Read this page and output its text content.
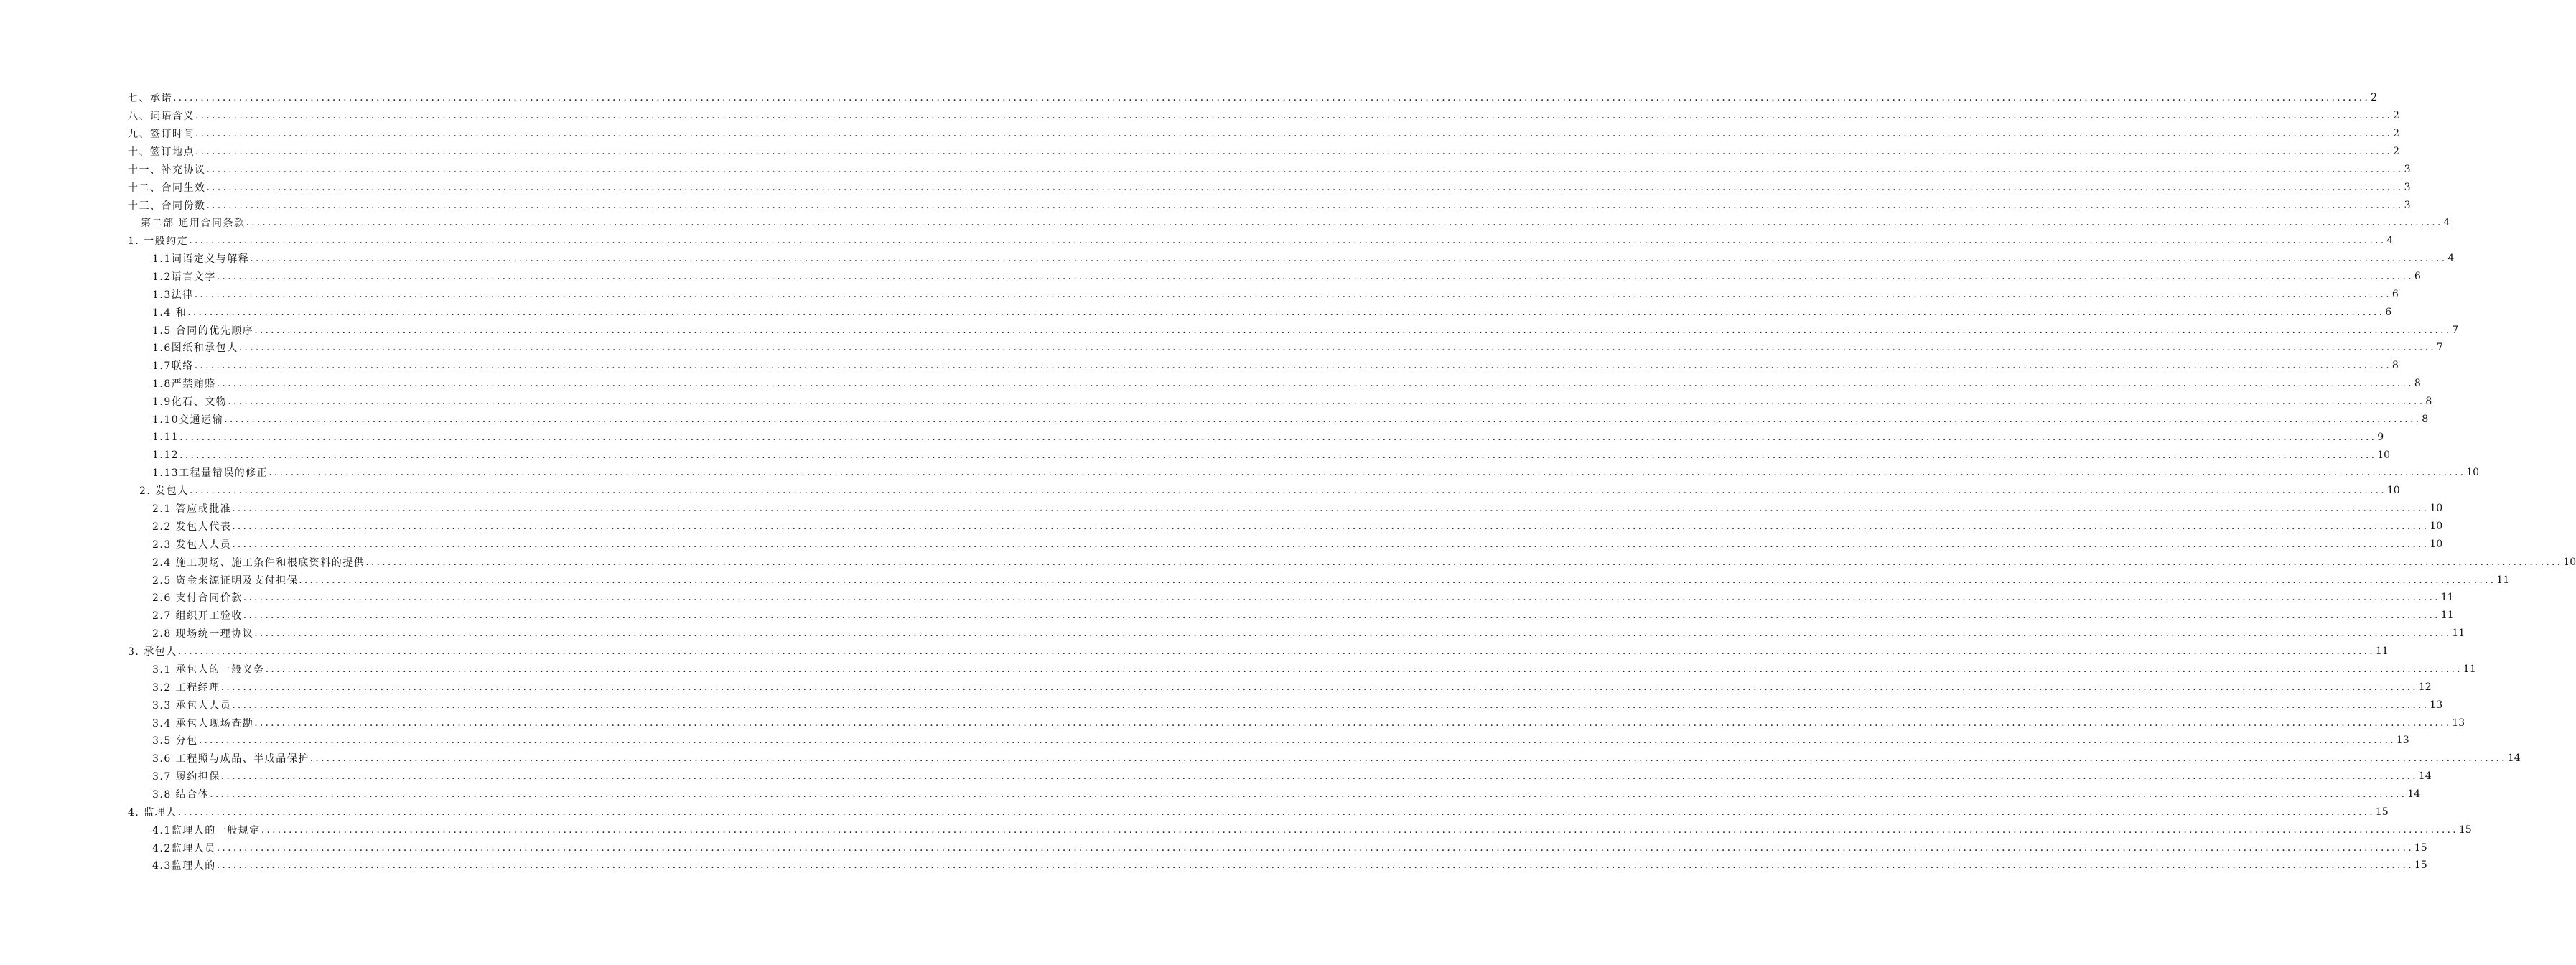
七、承诺 ................................................................................................................................................................................................................................................................................................................................................................................................................ 2
八、词语含义 ................................................................................................................................................................................................................................................................................................................................................................................................................ 2
九、签订时间 ................................................................................................................................................................................................................................................................................................................................................................................................................ 2
十、签订地点 ................................................................................................................................................................................................................................................................................................................................................................................................................ 2
十一、补充协议 ................................................................................................................................................................................................................................................................................................................................................................................................................ 3
十二、合同生效 ................................................................................................................................................................................................................................................................................................................................................................................................................ 3
十三、合同份数 ................................................................................................................................................................................................................................................................................................................................................................................................................ 3
第二部 通用合同条款 ................................................................................................................................................................................................................................................................................................................................................................................................................ 4
1. 一般约定 ................................................................................................................................................................................................................................................................................................................................................................................................................ 4
1.1词语定义与解释 ................................................................................................................................................................................................................................................................................................................................................................................................................ 4
1.2语言文字 ................................................................................................................................................................................................................................................................................................................................................................................................................ 6
1.3法律 ................................................................................................................................................................................................................................................................................................................................................................................................................ 6
1.4 和 ................................................................................................................................................................................................................................................................................................................................................................................................................ 6
1.5 合同的优先顺序 ................................................................................................................................................................................................................................................................................................................................................................................................................ 7
1.6图纸和承包人 ................................................................................................................................................................................................................................................................................................................................................................................................................ 7
1.7联络 ................................................................................................................................................................................................................................................................................................................................................................................................................ 8
1.8严禁贿赂 ................................................................................................................................................................................................................................................................................................................................................................................................................ 8
1.9化石、文物 ................................................................................................................................................................................................................................................................................................................................................................................................................ 8
1.10交通运输 ................................................................................................................................................................................................................................................................................................................................................................................................................ 8
1.11 ................................................................................................................................................................................................................................................................................................................................................................................................................ 9
1.12 ................................................................................................................................................................................................................................................................................................................................................................................................................ 10
1.13工程量错误的修正 ................................................................................................................................................................................................................................................................................................................................................................................................................ 10
2. 发包人 ................................................................................................................................................................................................................................................................................................................................................................................................................ 10
2.1 答应或批准 ................................................................................................................................................................................................................................................................................................................................................................................................................ 10
2.2 发包人代表 ................................................................................................................................................................................................................................................................................................................................................................................................................ 10
2.3 发包人人员 ................................................................................................................................................................................................................................................................................................................................................................................................................ 10
2.4 施工现场、施工条件和根底资料的提供 ................................................................................................................................................................................................................................................................................................................................................................................................................ 10
2.5 资金来源证明及支付担保 ................................................................................................................................................................................................................................................................................................................................................................................................................ 11
2.6 支付合同价款 ................................................................................................................................................................................................................................................................................................................................................................................................................ 11
2.7 组织开工验收 ................................................................................................................................................................................................................................................................................................................................................................................................................ 11
2.8 现场统一理协议 ................................................................................................................................................................................................................................................................................................................................................................................................................ 11
3. 承包人 ................................................................................................................................................................................................................................................................................................................................................................................................................ 11
3.1 承包人的一般义务 ................................................................................................................................................................................................................................................................................................................................................................................................................ 11
3.2 工程经理 ................................................................................................................................................................................................................................................................................................................................................................................................................ 12
3.3 承包人人员 ................................................................................................................................................................................................................................................................................................................................................................................................................ 13
3.4 承包人现场查勘 ................................................................................................................................................................................................................................................................................................................................................................................................................ 13
3.5 分包 ................................................................................................................................................................................................................................................................................................................................................................................................................ 13
3.6 工程照与成品、半成品保护 ................................................................................................................................................................................................................................................................................................................................................................................................................ 14
3.7 履约担保 ................................................................................................................................................................................................................................................................................................................................................................................................................ 14
3.8 结合体 ................................................................................................................................................................................................................................................................................................................................................................................................................ 14
4. 监理人 ................................................................................................................................................................................................................................................................................................................................................................................................................ 15
4.1监理人的一般规定 ................................................................................................................................................................................................................................................................................................................................................................................................................ 15
4.2监理人员 ................................................................................................................................................................................................................................................................................................................................................................................................................ 15
4.3监理人的 ................................................................................................................................................................................................................................................................................................................................................................................................................ 15
